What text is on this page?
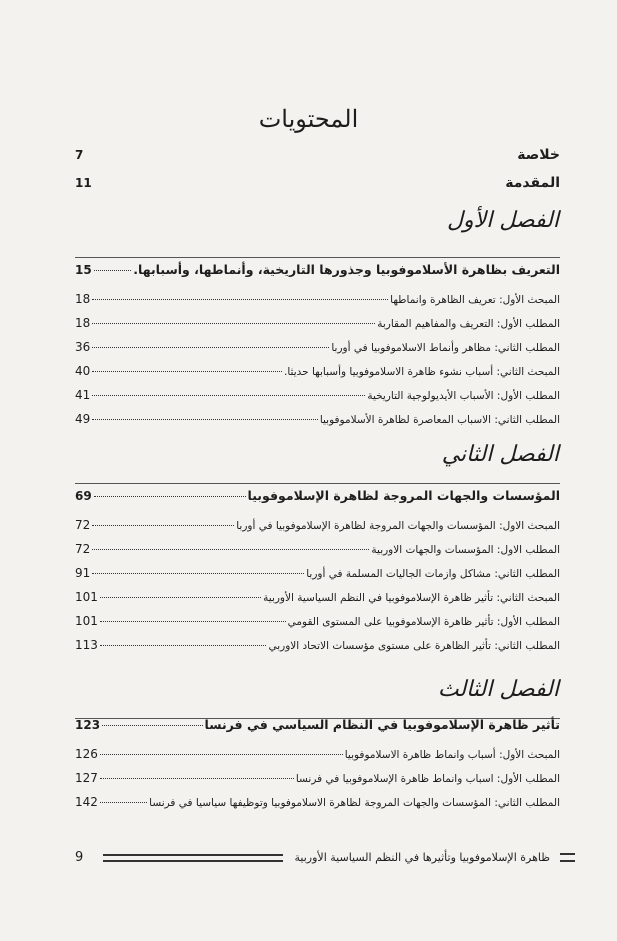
المحتويات
خلاصة
7
المقدمة
11
الفصل الأول
التعريف بظاهرة الأسلاموفوبيا وجذورها التاريخية، وأنماطها، وأسبابها.
15
المبحث الأول: تعريف الظاهرة وانماطها
18
المطلب الأول: التعريف والمفاهيم المقاربة
18
المطلب الثاني: مظاهر وأنماط الاسلاموفوبيا في أوربا
36
المبحث الثاني: أسباب نشوء ظاهرة الاسلاموفوبيا وأسبابها حديثا.
40
المطلب الأول: الأسباب الأيديولوجية التاريخية
41
المطلب الثاني: الاسباب المعاصرة لظاهرة الأسلاموفوبيا
49
الفصل الثاني
المؤسسات والجهات المروجة لظاهرة الإسلاموفوبيا
69
المبحث الاول: المؤسسات والجهات المروجة لظاهرة الإسلاموفوبيا في أوربا
72
المطلب الاول: المؤسسات والجهات الاوربية
72
المطلب الثاني: مشاكل وازمات الجاليات المسلمة في أوربا
91
المبحث الثاني: تأثير ظاهرة الإسلاموفوبيا في النظم السياسية الأوربية
101
المطلب الأول: تأثير ظاهرة الإسلاموفوبيا على المستوى القومي
101
المطلب الثاني: تأثير الظاهرة على مستوى مؤسسات الاتحاد الاوربي
113
الفصل الثالث
تأثير ظاهرة الإسلاموفوبيا في النظام السياسي في فرنسا
123
المبحث الأول: أسباب وانماط ظاهرة الاسلاموفوبيا
126
المطلب الأول: اسباب وانماط ظاهرة الإسلاموفوبيا في فرنسا
127
المطلب الثاني: المؤسسات والجهات المروجة لظاهرة الاسلاموفوبيا وتوظيفها سياسيا في فرنسا
142
ظاهرة الإسلاموفوبيا وتأثيرها في النظم السياسية الأوربية
9
